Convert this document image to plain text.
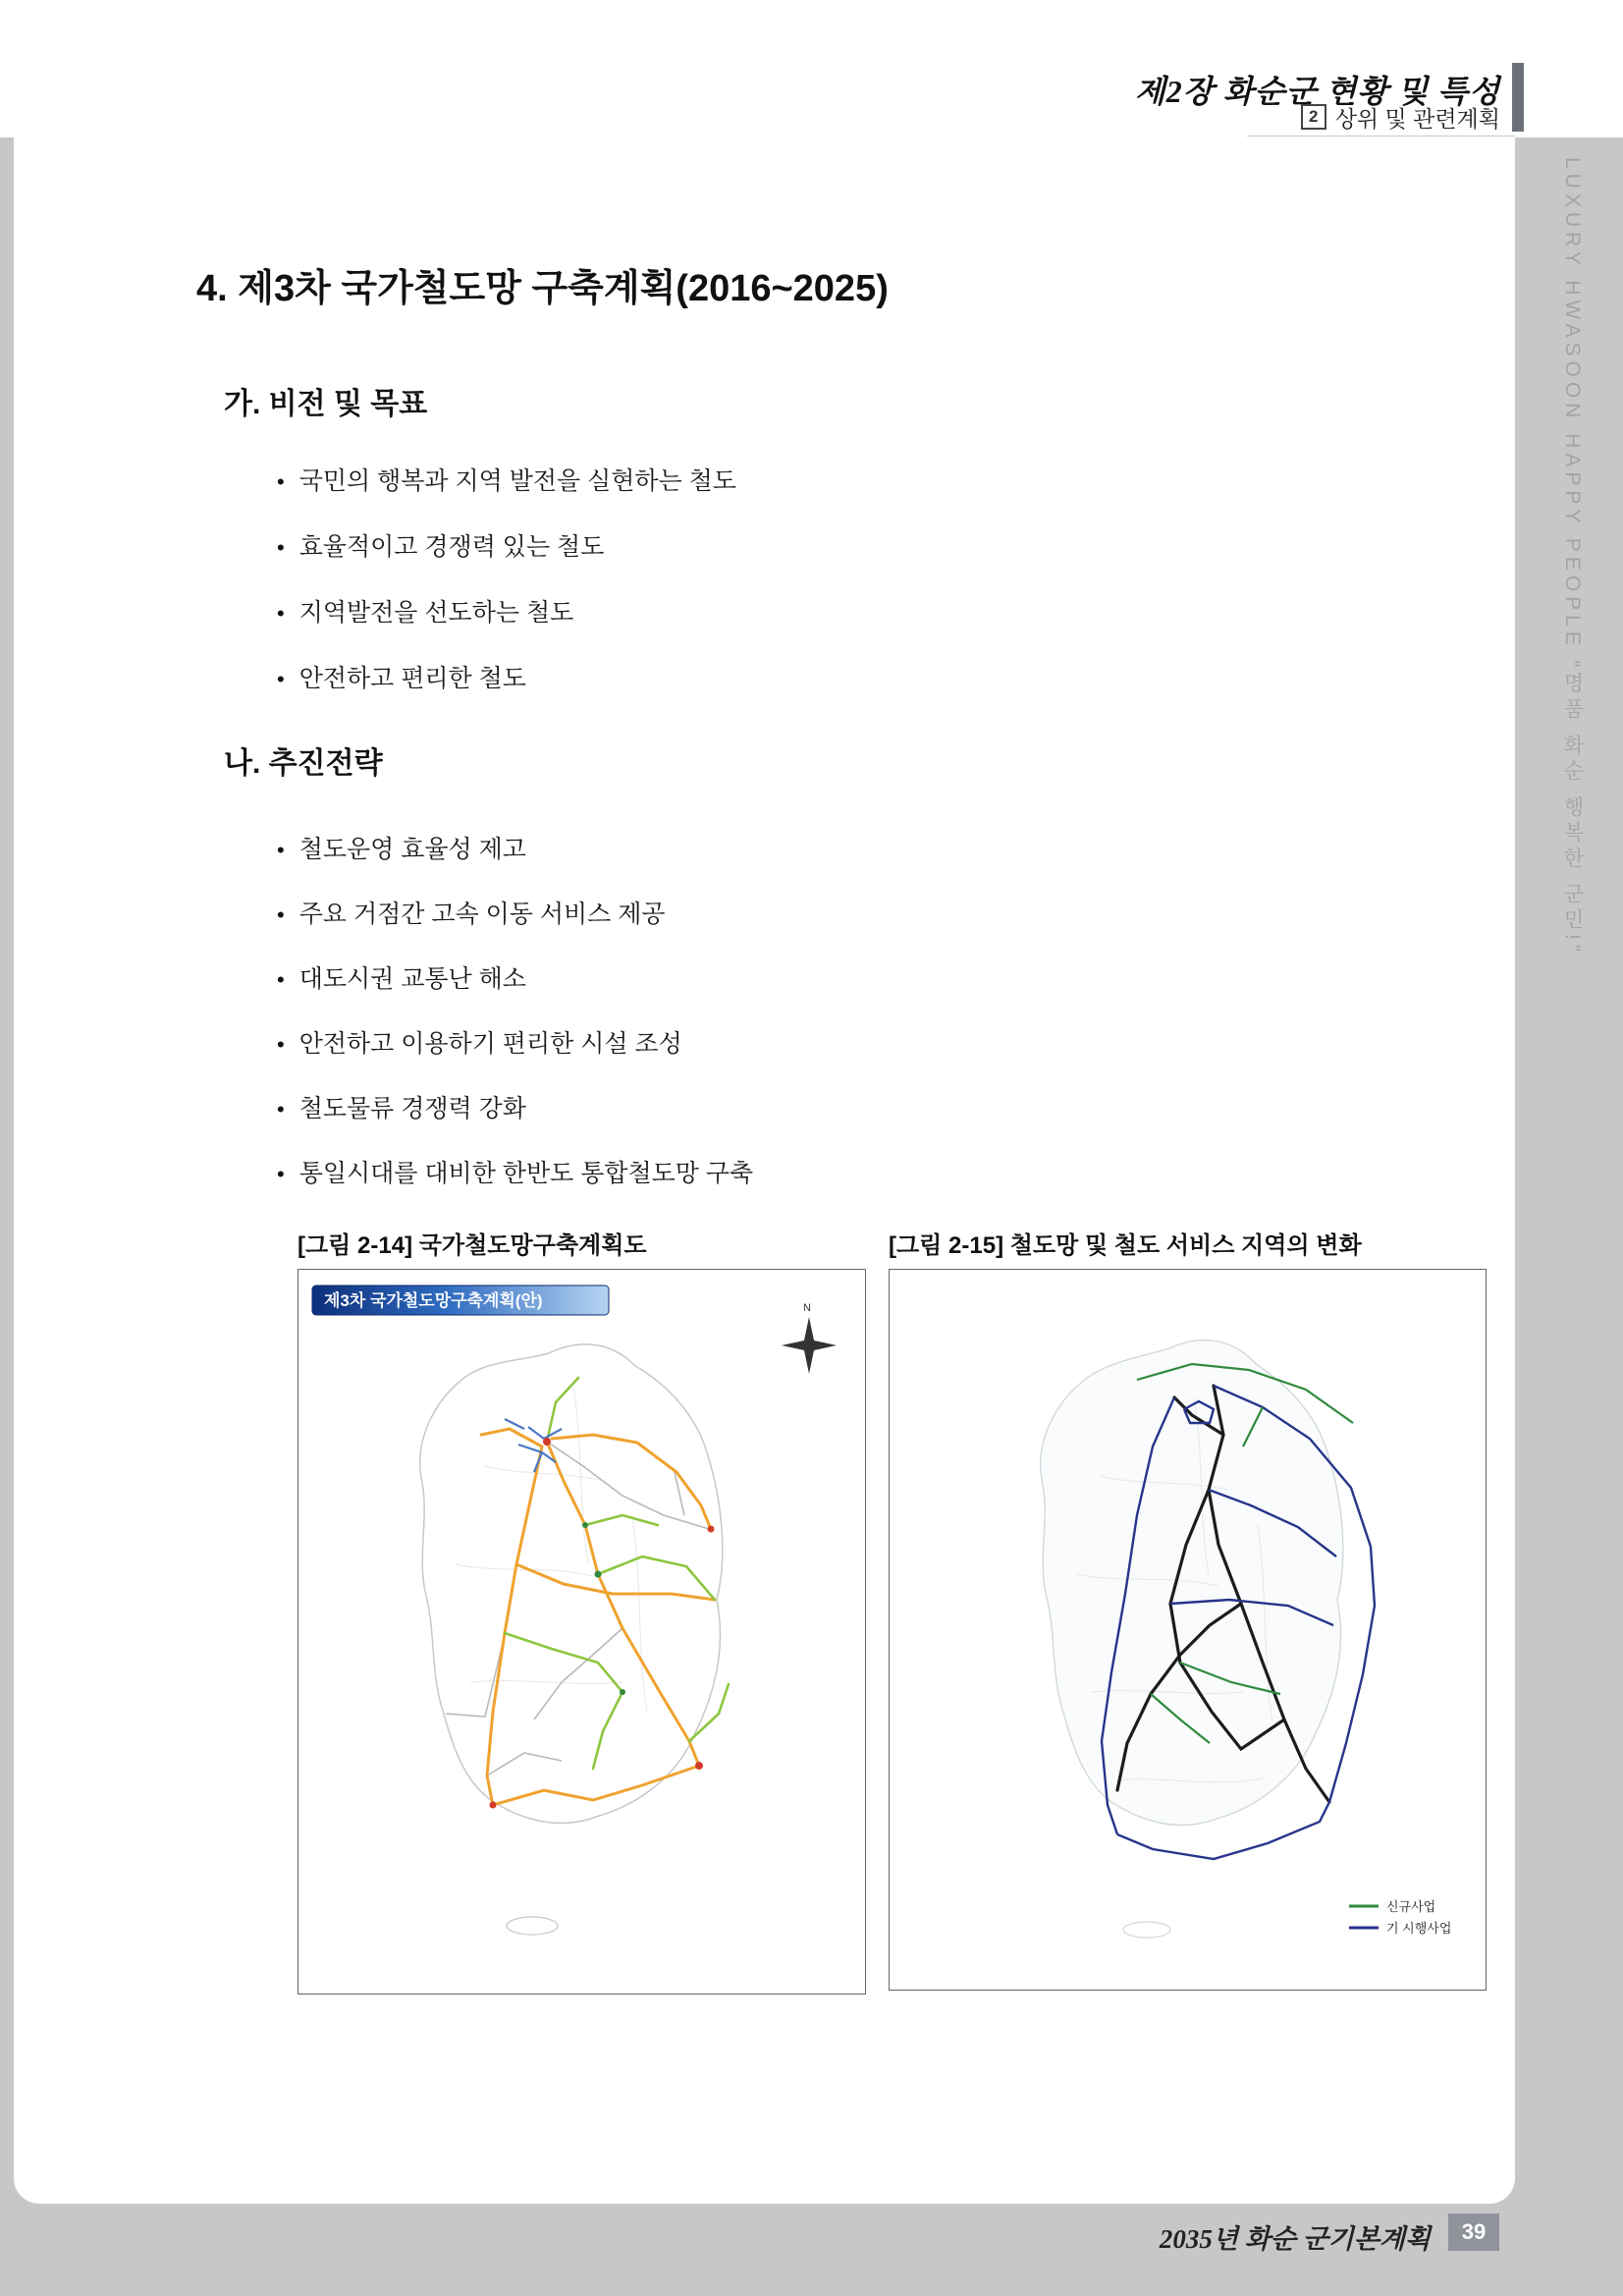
제2장 화순군 현황 및 특성
2 상위 및 관련계획
LUXURY HWASOON HAPPY PEOPLE “명품 화순 행복한 군민!”
4. 제3차 국가철도망 구축계획(2016~2025)
가. 비전 및 목표
• 국민의 행복과 지역 발전을 실현하는 철도
• 효율적이고 경쟁력 있는 철도
• 지역발전을 선도하는 철도
• 안전하고 편리한 철도
나. 추진전략
• 철도운영 효율성 제고
• 주요 거점간 고속 이동 서비스 제공
• 대도시권 교통난 해소
• 안전하고 이용하기 편리한 시설 조성
• 철도물류 경쟁력 강화
• 통일시대를 대비한 한반도 통합철도망 구축
[그림 2-14] 국가철도망구축계획도	[그림 2-15] 철도망 및 철도 서비스 지역의 변화
제3차 국가철도망구축계획(안)	N
신규사업
기 시행사업
2035년 화순 군기본계획	39
